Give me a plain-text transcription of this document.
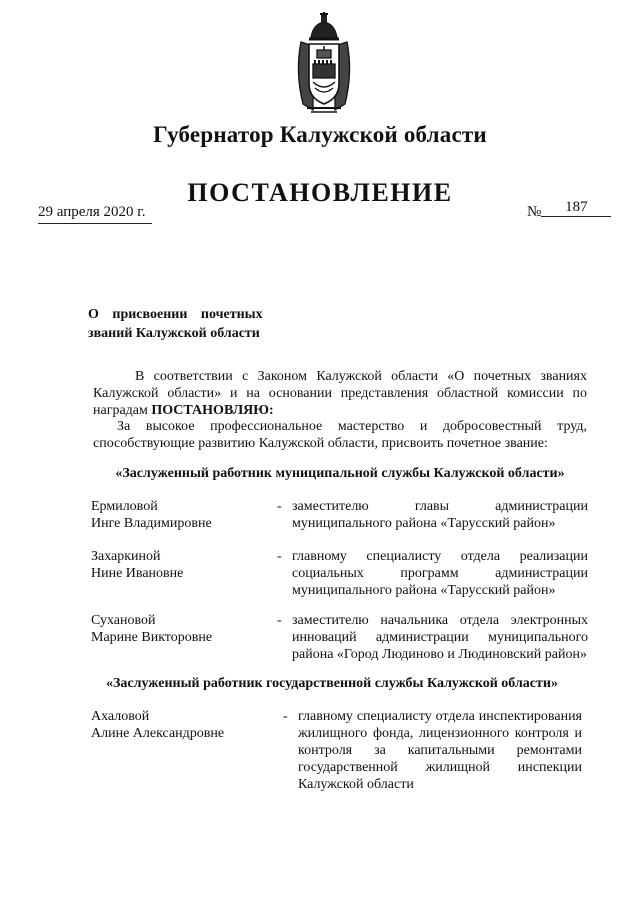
Губернатор Калужской области
ПОСТАНОВЛЕНИЕ
29 апреля 2020 г.	№ 187
О присвоении почетных
званий Калужской области
В соответствии с Законом Калужской области «О почетных званиях Калужской области» и на основании представления областной комиссии по наградам ПОСТАНОВЛЯЮ:
За высокое профессиональное мастерство и добросовестный труд, способствующие развитию Калужской области, присвоить почетное звание:
«Заслуженный работник муниципальной службы Калужской области»
Ермиловой
Инге Владимировне
- заместителю главы администрации муниципального района «Тарусский район»
Захаркиной
Нине Ивановне
- главному специалисту отдела реализации социальных программ администрации муниципального района «Тарусский район»
Сухановой
Марине Викторовне
- заместителю начальника отдела электронных инноваций администрации муниципального района «Город Людиново и Людиновский район»
«Заслуженный работник государственной службы Калужской области»
Ахаловой
Алине Александровне
- главному специалисту отдела инспектирования жилищного фонда, лицензионного контроля и контроля за капитальными ремонтами государственной жилищной инспекции Калужской области
